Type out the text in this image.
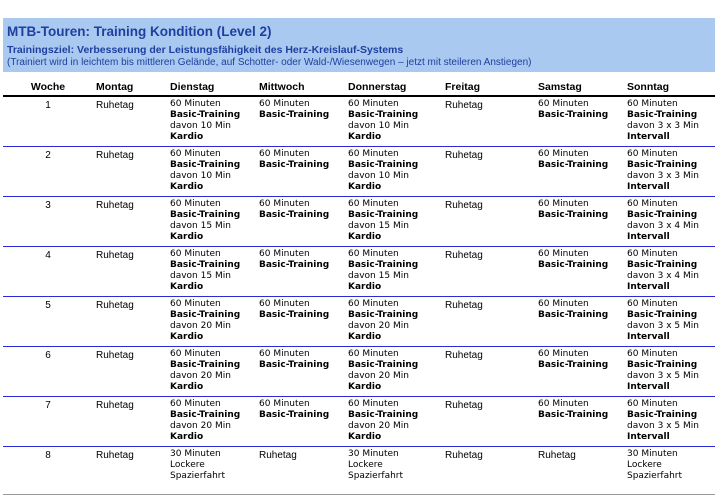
MTB-Touren: Training Kondition (Level 2)
Trainingsziel: Verbesserung der Leistungsfähigkeit des Herz-Kreislauf-Systems
(Trainiert wird in leichtem bis mittleren Gelände, auf Schotter- oder Wald-/Wiesenwegen – jetzt mit steileren Anstiegen)
Woche	Montag	Dienstag	Mittwoch	Donnerstag	Freitag	Samstag	Sonntag
1	Ruhetag	60 Minuten
Basic-Training
davon 10 Min
Kardio	60 Minuten
Basic-Training	60 Minuten
Basic-Training
davon 10 Min
Kardio	Ruhetag	60 Minuten
Basic-Training	60 Minuten
Basic-Training
davon 3 x 3 Min
Intervall

2	Ruhetag	60 Minuten
Basic-Training
davon 10 Min
Kardio	60 Minuten
Basic-Training	60 Minuten
Basic-Training
davon 10 Min
Kardio	Ruhetag	60 Minuten
Basic-Training	60 Minuten
Basic-Training
davon 3 x 3 Min
Intervall

3	Ruhetag	60 Minuten
Basic-Training
davon 15 Min
Kardio	60 Minuten
Basic-Training	60 Minuten
Basic-Training
davon 15 Min
Kardio	Ruhetag	60 Minuten
Basic-Training	60 Minuten
Basic-Training
davon 3 x 4 Min
Intervall

4	Ruhetag	60 Minuten
Basic-Training
davon 15 Min
Kardio	60 Minuten
Basic-Training	60 Minuten
Basic-Training
davon 15 Min
Kardio	Ruhetag	60 Minuten
Basic-Training	60 Minuten
Basic-Training
davon 3 x 4 Min
Intervall

5	Ruhetag	60 Minuten
Basic-Training
davon 20 Min
Kardio	60 Minuten
Basic-Training	60 Minuten
Basic-Training
davon 20 Min
Kardio	Ruhetag	60 Minuten
Basic-Training	60 Minuten
Basic-Training
davon 3 x 5 Min
Intervall

6	Ruhetag	60 Minuten
Basic-Training
davon 20 Min
Kardio	60 Minuten
Basic-Training	60 Minuten
Basic-Training
davon 20 Min
Kardio	Ruhetag	60 Minuten
Basic-Training	60 Minuten
Basic-Training
davon 3 x 5 Min
Intervall

7	Ruhetag	60 Minuten
Basic-Training
davon 20 Min
Kardio	60 Minuten
Basic-Training	60 Minuten
Basic-Training
davon 20 Min
Kardio	Ruhetag	60 Minuten
Basic-Training	60 Minuten
Basic-Training
davon 3 x 5 Min
Intervall

8	Ruhetag	30 Minuten
Lockere
Spazierfahrt	Ruhetag	30 Minuten
Lockere
Spazierfahrt	Ruhetag	Ruhetag	30 Minuten
Lockere
Spazierfahrt
